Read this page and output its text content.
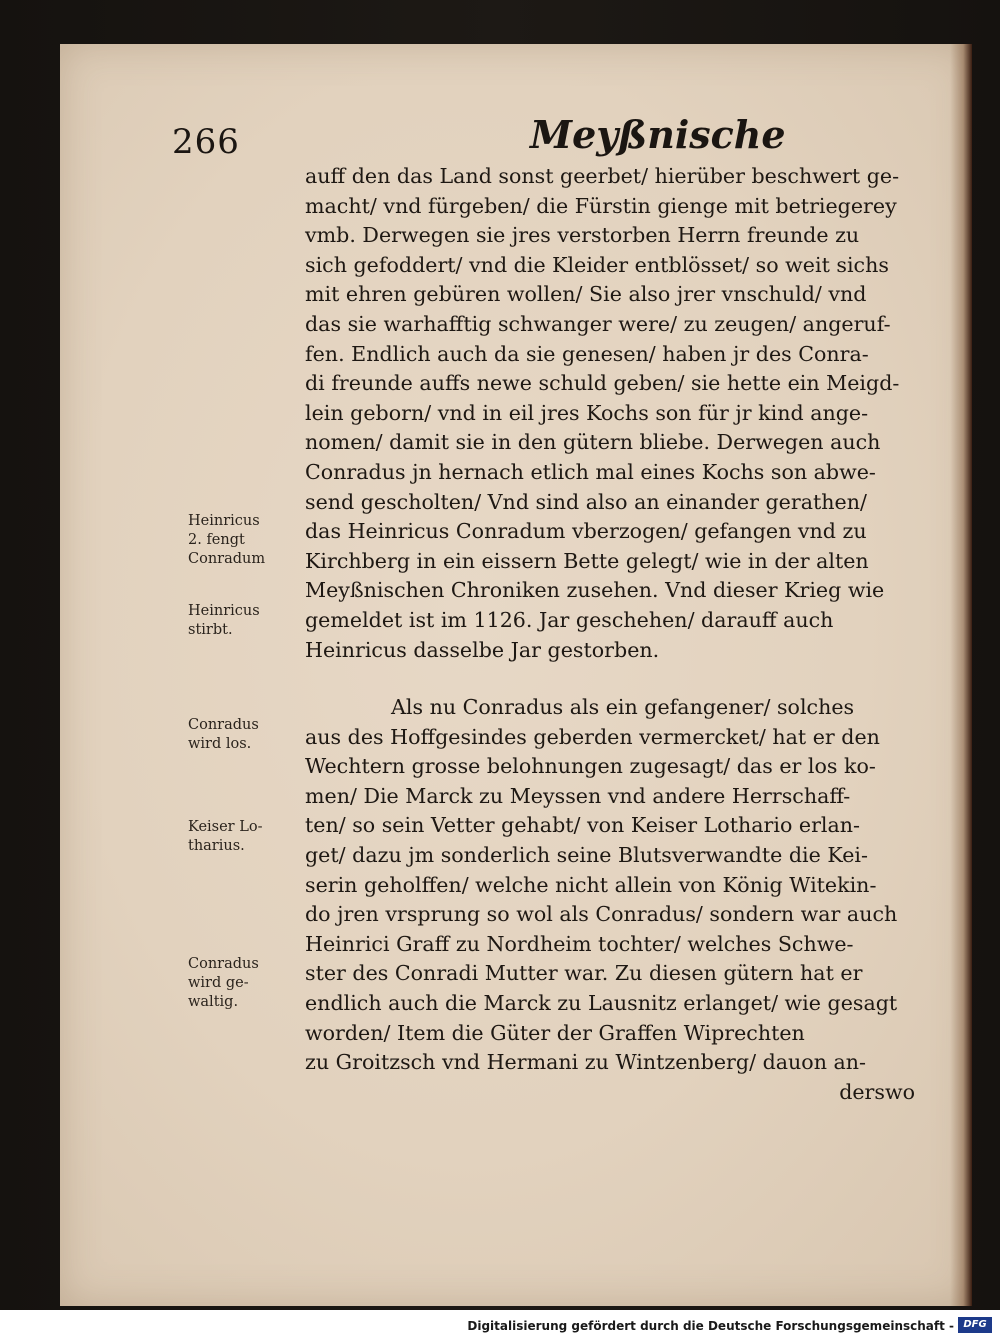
266	Meyßnische
auff den das Land sonst geerbet/ hierüber beschwert ge-
macht/ vnd fürgeben/ die Fürstin gienge mit betriegerey
vmb. Derwegen sie jres verstorben Herrn freunde zu
sich gefoddert/ vnd die Kleider entblösset/ so weit sichs
mit ehren gebüren wollen/ Sie also jrer vnschuld/ vnd
das sie warhafftig schwanger were/ zu zeugen/ angeruf-
fen. Endlich auch da sie genesen/ haben jr des Conra-
di freunde auffs newe schuld geben/ sie hette ein Meigd-
lein geborn/ vnd in eil jres Kochs son für jr kind ange-
nomen/ damit sie in den gütern bliebe. Derwegen auch
Conradus jn hernach etlich mal eines Kochs son abwe-
send gescholten/ Vnd sind also an einander gerathen/
das Heinricus Conradum vberzogen/ gefangen vnd zu
Kirchberg in ein eissern Bette gelegt/ wie in der alten
Meyßnischen Chroniken zusehen. Vnd dieser Krieg wie
gemeldet ist im 1126. Jar geschehen/ darauff auch
Heinricus dasselbe Jar gestorben.
Als nu Conradus als ein gefangener/ solches
aus des Hoffgesindes geberden vermercket/ hat er den
Wechtern grosse belohnungen zugesagt/ das er los ko-
men/ Die Marck zu Meyssen vnd andere Herrschaff-
ten/ so sein Vetter gehabt/ von Keiser Lothario erlan-
get/ dazu jm sonderlich seine Blutsverwandte die Kei-
serin geholffen/ welche nicht allein von König Witekin-
do jren vrsprung so wol als Conradus/ sondern war auch
Heinrici Graff zu Nordheim tochter/ welches Schwe-
ster des Conradi Mutter war. Zu diesen gütern hat er
endlich auch die Marck zu Lausnitz erlanget/ wie gesagt
worden/ Item die Güter der Graffen Wiprechten
zu Groitzsch vnd Hermani zu Wintzenberg/ dauon an-
derswo
Heinricus
2. fengt
Conradum
Heinricus
stirbt.
Conradus
wird los.
Keiser Lo-
tharius.
Conradus
wird ge-
waltig.
Digitalisierung gefördert durch die Deutsche Forschungsgemeinschaft - DFG
